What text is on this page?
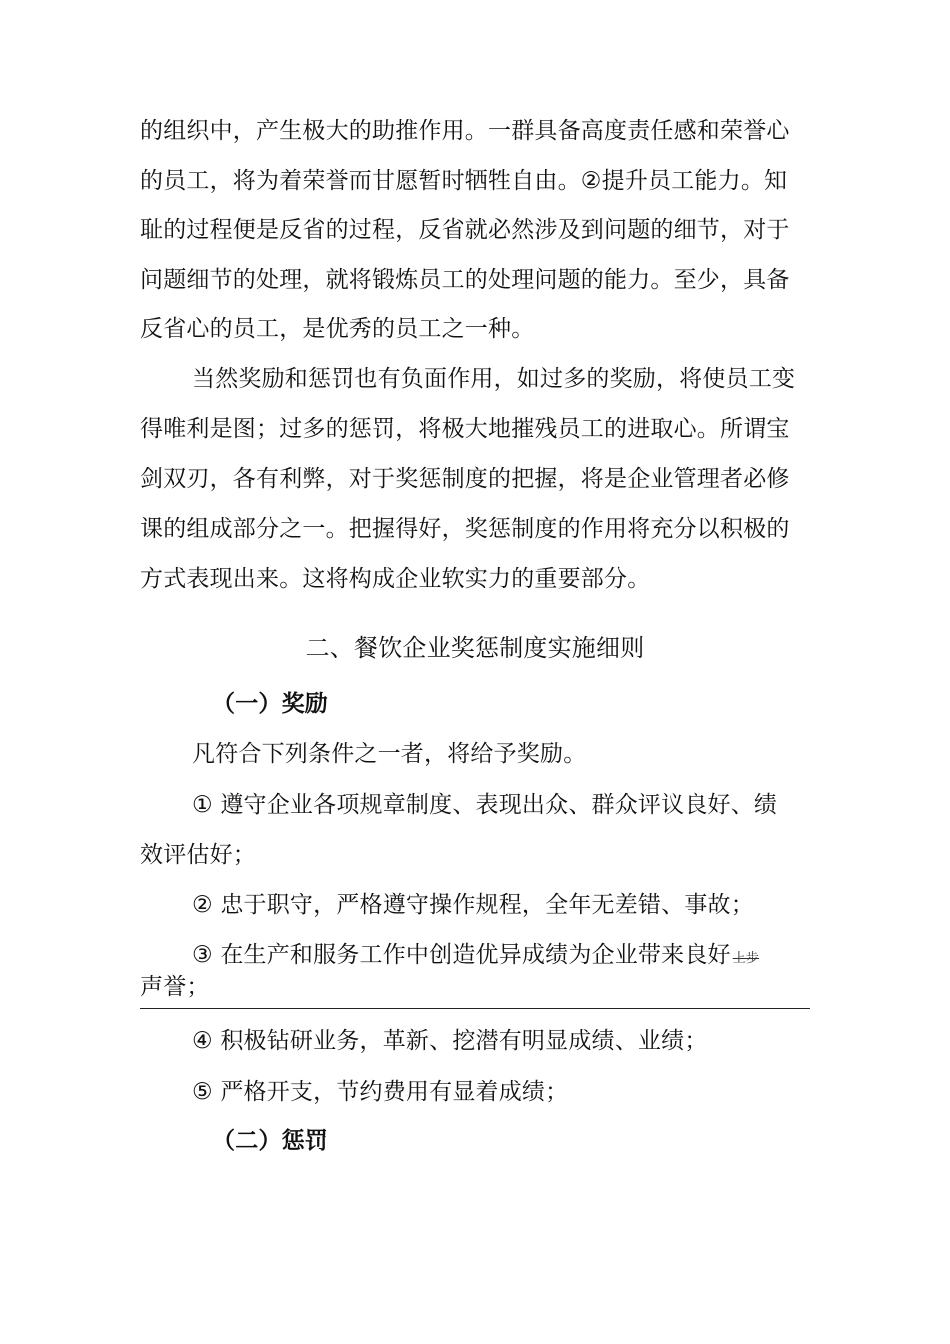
的组织中，产生极大的助推作用。一群具备高度责任感和荣誉心
的员工，将为着荣誉而甘愿暂时牺牲自由。②提升员工能力。知
耻的过程便是反省的过程，反省就必然涉及到问题的细节，对于
问题细节的处理，就将锻炼员工的处理问题的能力。至少，具备
反省心的员工，是优秀的员工之一种。
当然奖励和惩罚也有负面作用，如过多的奖励，将使员工变
得唯利是图；过多的惩罚，将极大地摧残员工的进取心。所谓宝
剑双刃，各有利弊，对于奖惩制度的把握，将是企业管理者必修
课的组成部分之一。把握得好，奖惩制度的作用将充分以积极的
方式表现出来。这将构成企业软实力的重要部分。
二、餐饮企业奖惩制度实施细则
（一）奖励
凡符合下列条件之一者，将给予奖励。
① 遵守企业各项规章制度、表现出众、群众评议良好、绩
效评估好；
② 忠于职守，严格遵守操作规程，全年无差错、事故；
③ 在生产和服务工作中创造优异成绩为企业带来良好 上步
声誉；
④ 积极钻研业务，革新、挖潜有明显成绩、业绩；
⑤ 严格开支，节约费用有显着成绩；
（二）惩罚
